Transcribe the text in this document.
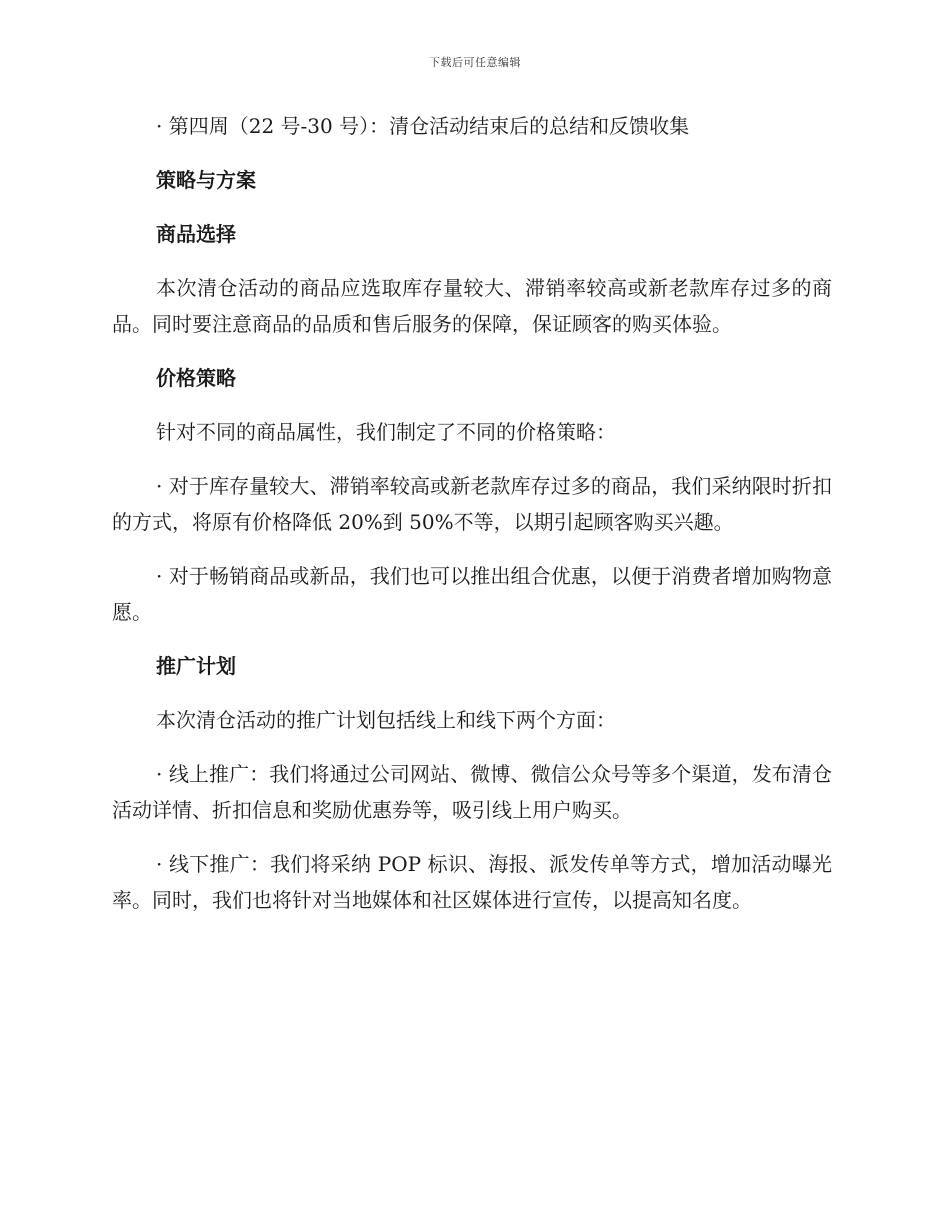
下载后可任意编辑

· 第四周（22 号-30 号）：清仓活动结束后的总结和反馈收集

策略与方案

商品选择

本次清仓活动的商品应选取库存量较大、滞销率较高或新老款库存过多的商品。同时要注意商品的品质和售后服务的保障，保证顾客的购买体验。

价格策略

针对不同的商品属性，我们制定了不同的价格策略：

· 对于库存量较大、滞销率较高或新老款库存过多的商品，我们采纳限时折扣的方式，将原有价格降低 20%到 50%不等，以期引起顾客购买兴趣。

· 对于畅销商品或新品，我们也可以推出组合优惠，以便于消费者增加购物意愿。

推广计划

本次清仓活动的推广计划包括线上和线下两个方面：

· 线上推广：我们将通过公司网站、微博、微信公众号等多个渠道，发布清仓活动详情、折扣信息和奖励优惠券等，吸引线上用户购买。

· 线下推广：我们将采纳 POP 标识、海报、派发传单等方式，增加活动曝光率。同时，我们也将针对当地媒体和社区媒体进行宣传，以提高知名度。
